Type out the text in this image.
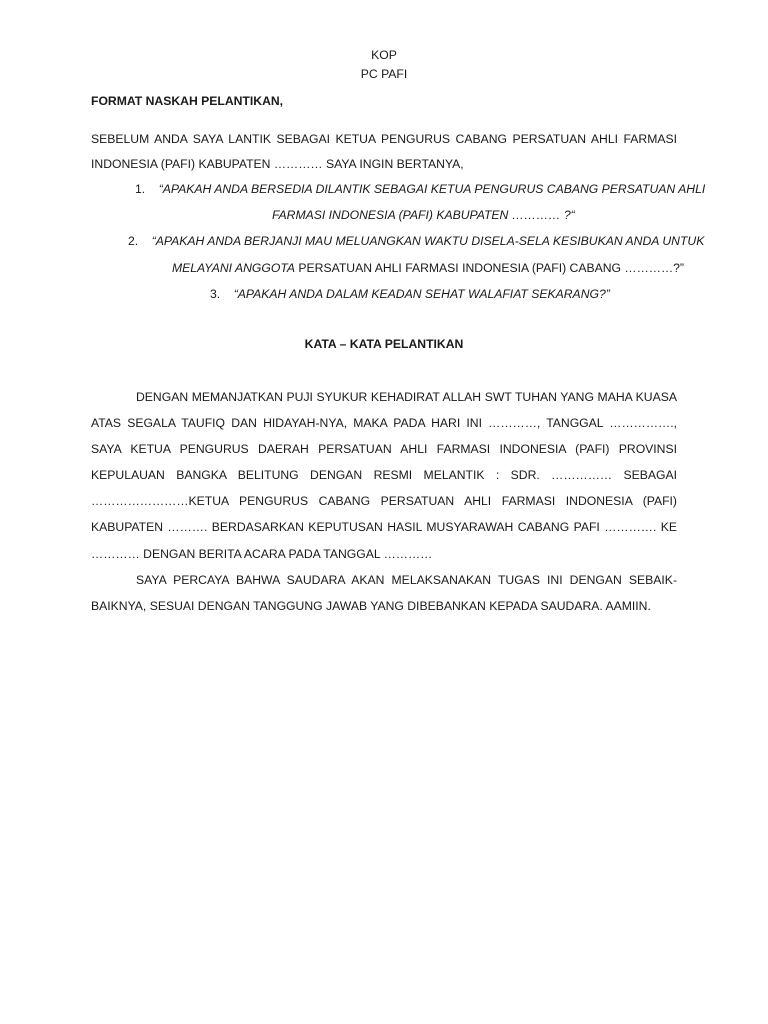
KOP
PC PAFI
FORMAT NASKAH PELANTIKAN,
SEBELUM ANDA SAYA LANTIK SEBAGAI KETUA PENGURUS CABANG PERSATUAN AHLI FARMASI INDONESIA (PAFI) KABUPATEN ………… SAYA INGIN BERTANYA,
1. “APAKAH ANDA BERSEDIA DILANTIK SEBAGAI KETUA PENGURUS CABANG PERSATUAN AHLI
FARMASI INDONESIA (PAFI) KABUPATEN ………… ?“
2. “APAKAH ANDA BERJANJI MAU MELUANGKAN WAKTU DISELA-SELA KESIBUKAN ANDA UNTUK
MELAYANI ANGGOTA PERSATUAN AHLI FARMASI INDONESIA (PAFI) CABANG …………?”
3. “APAKAH ANDA DALAM KEADAN SEHAT WALAFIAT SEKARANG?”
KATA – KATA PELANTIKAN

DENGAN MEMANJATKAN PUJI SYUKUR KEHADIRAT ALLAH SWT TUHAN YANG MAHA KUASA ATAS SEGALA TAUFIQ DAN HIDAYAH-NYA, MAKA PADA HARI INI …………, TANGGAL ……………., SAYA KETUA PENGURUS DAERAH PERSATUAN AHLI FARMASI INDONESIA (PAFI) PROVINSI KEPULAUAN BANGKA BELITUNG DENGAN RESMI MELANTIK : SDR. …………… SEBAGAI ……………………KETUA PENGURUS CABANG PERSATUAN AHLI FARMASI INDONESIA (PAFI) KABUPATEN ………. BERDASARKAN KEPUTUSAN HASIL MUSYARAWAH CABANG PAFI …………. KE ………… DENGAN BERITA ACARA PADA TANGGAL …………

SAYA PERCAYA BAHWA SAUDARA AKAN MELAKSANAKAN TUGAS INI DENGAN SEBAIK-BAIKNYA, SESUAI DENGAN TANGGUNG JAWAB YANG DIBEBANKAN KEPADA SAUDARA. AAMIIN.
